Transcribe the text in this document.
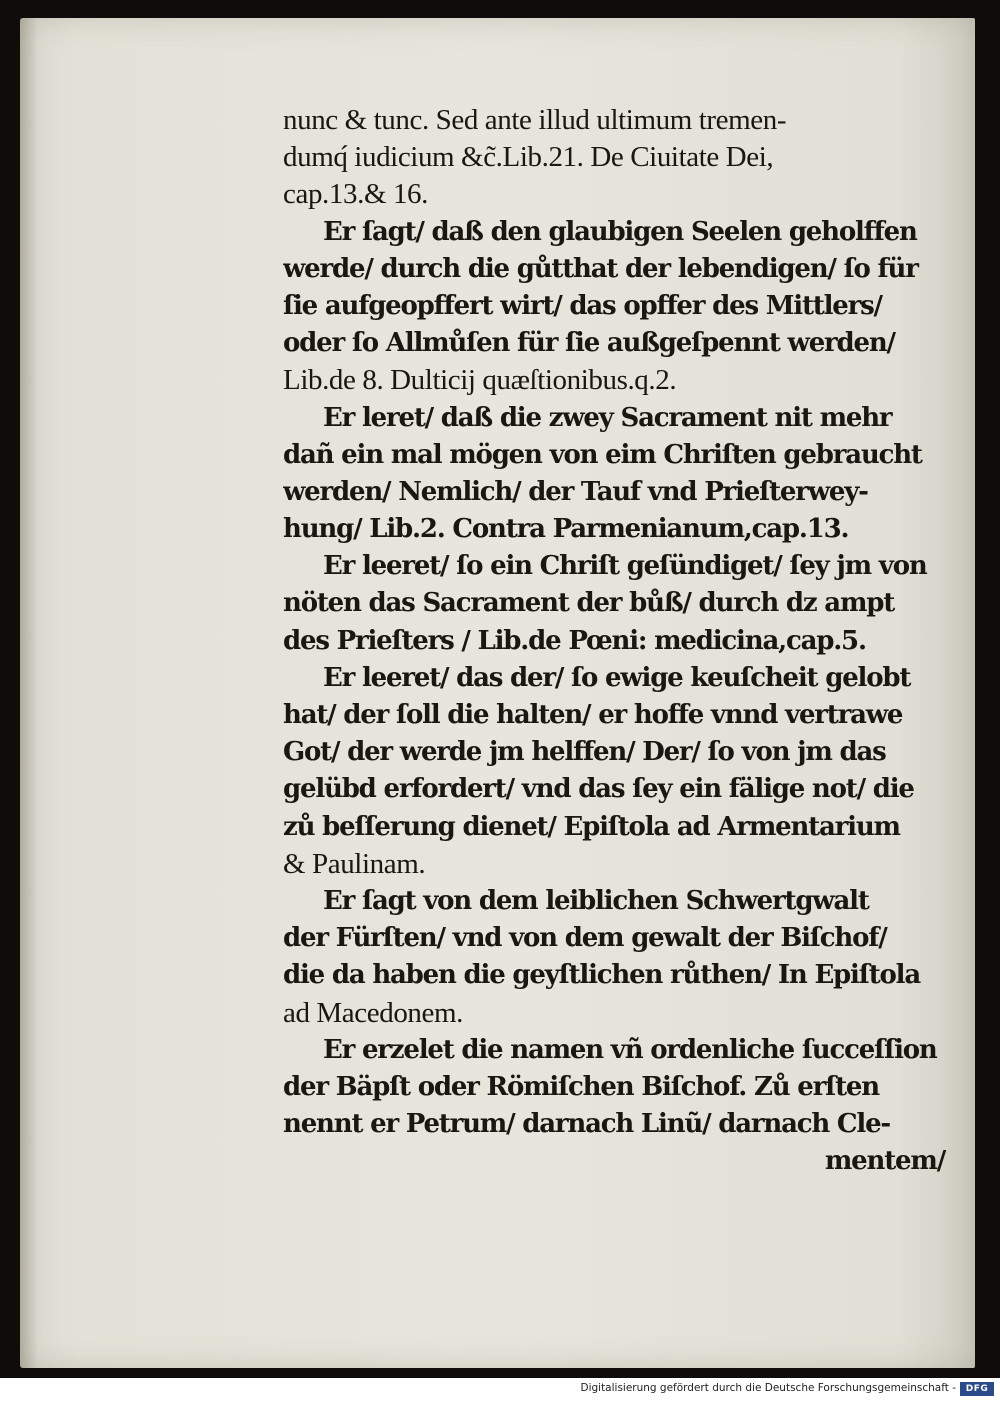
nunc & tunc. Sed ante illud ultimum tremen-
dumq́ iudicium &c̃.Lib.21. De Ciuitate Dei,
cap.13.& 16.
Er ſagt/ daß den glaubigen Seelen geholffen
werde/ durch die gůtthat der lebendigen/ ſo für
ſie aufgeopffert wirt/ das opffer des Mittlers/
oder ſo Allmůſen für ſie außgeſpennt werden/
Lib.de 8. Dulticij quæſtionibus.q.2.
Er leret/ daß die zwey Sacrament nit mehr
dañ ein mal mögen von eim Chriſten gebraucht
werden/ Nemlich/ der Tauf vnd Prieſterwey-
hung/ Lib.2. Contra Parmenianum,cap.13.
Er leeret/ ſo ein Chriſt geſündiget/ ſey jm von
nöten das Sacrament der bůß/ durch dz ampt
des Prieſters / Lib.de Pœni: medicina,cap.5.
Er leeret/ das der/ ſo ewige keuſcheit gelobt
hat/ der ſoll die halten/ er hoffe vnnd vertrawe
Got/ der werde jm helffen/ Der/ ſo von jm das
gelübd erfordert/ vnd das ſey ein fälige not/ die
zů beſſerung dienet/ Epiſtola ad Armentarium
& Paulinam.
Er ſagt von dem leiblichen Schwertgwalt
der Fürſten/ vnd von dem gewalt der Biſchof/
die da haben die geyſtlichen růthen/ In Epiſtola
ad Macedonem.
Er erzelet die namen vñ ordenliche ſucceſſion
der Bäpſt oder Römiſchen Biſchof. Zů erſten
nennt er Petrum/ darnach Linũ/ darnach Cle-
mentem/
Digitalisierung gefördert durch die Deutsche Forschungsgemeinschaft -	DFG
